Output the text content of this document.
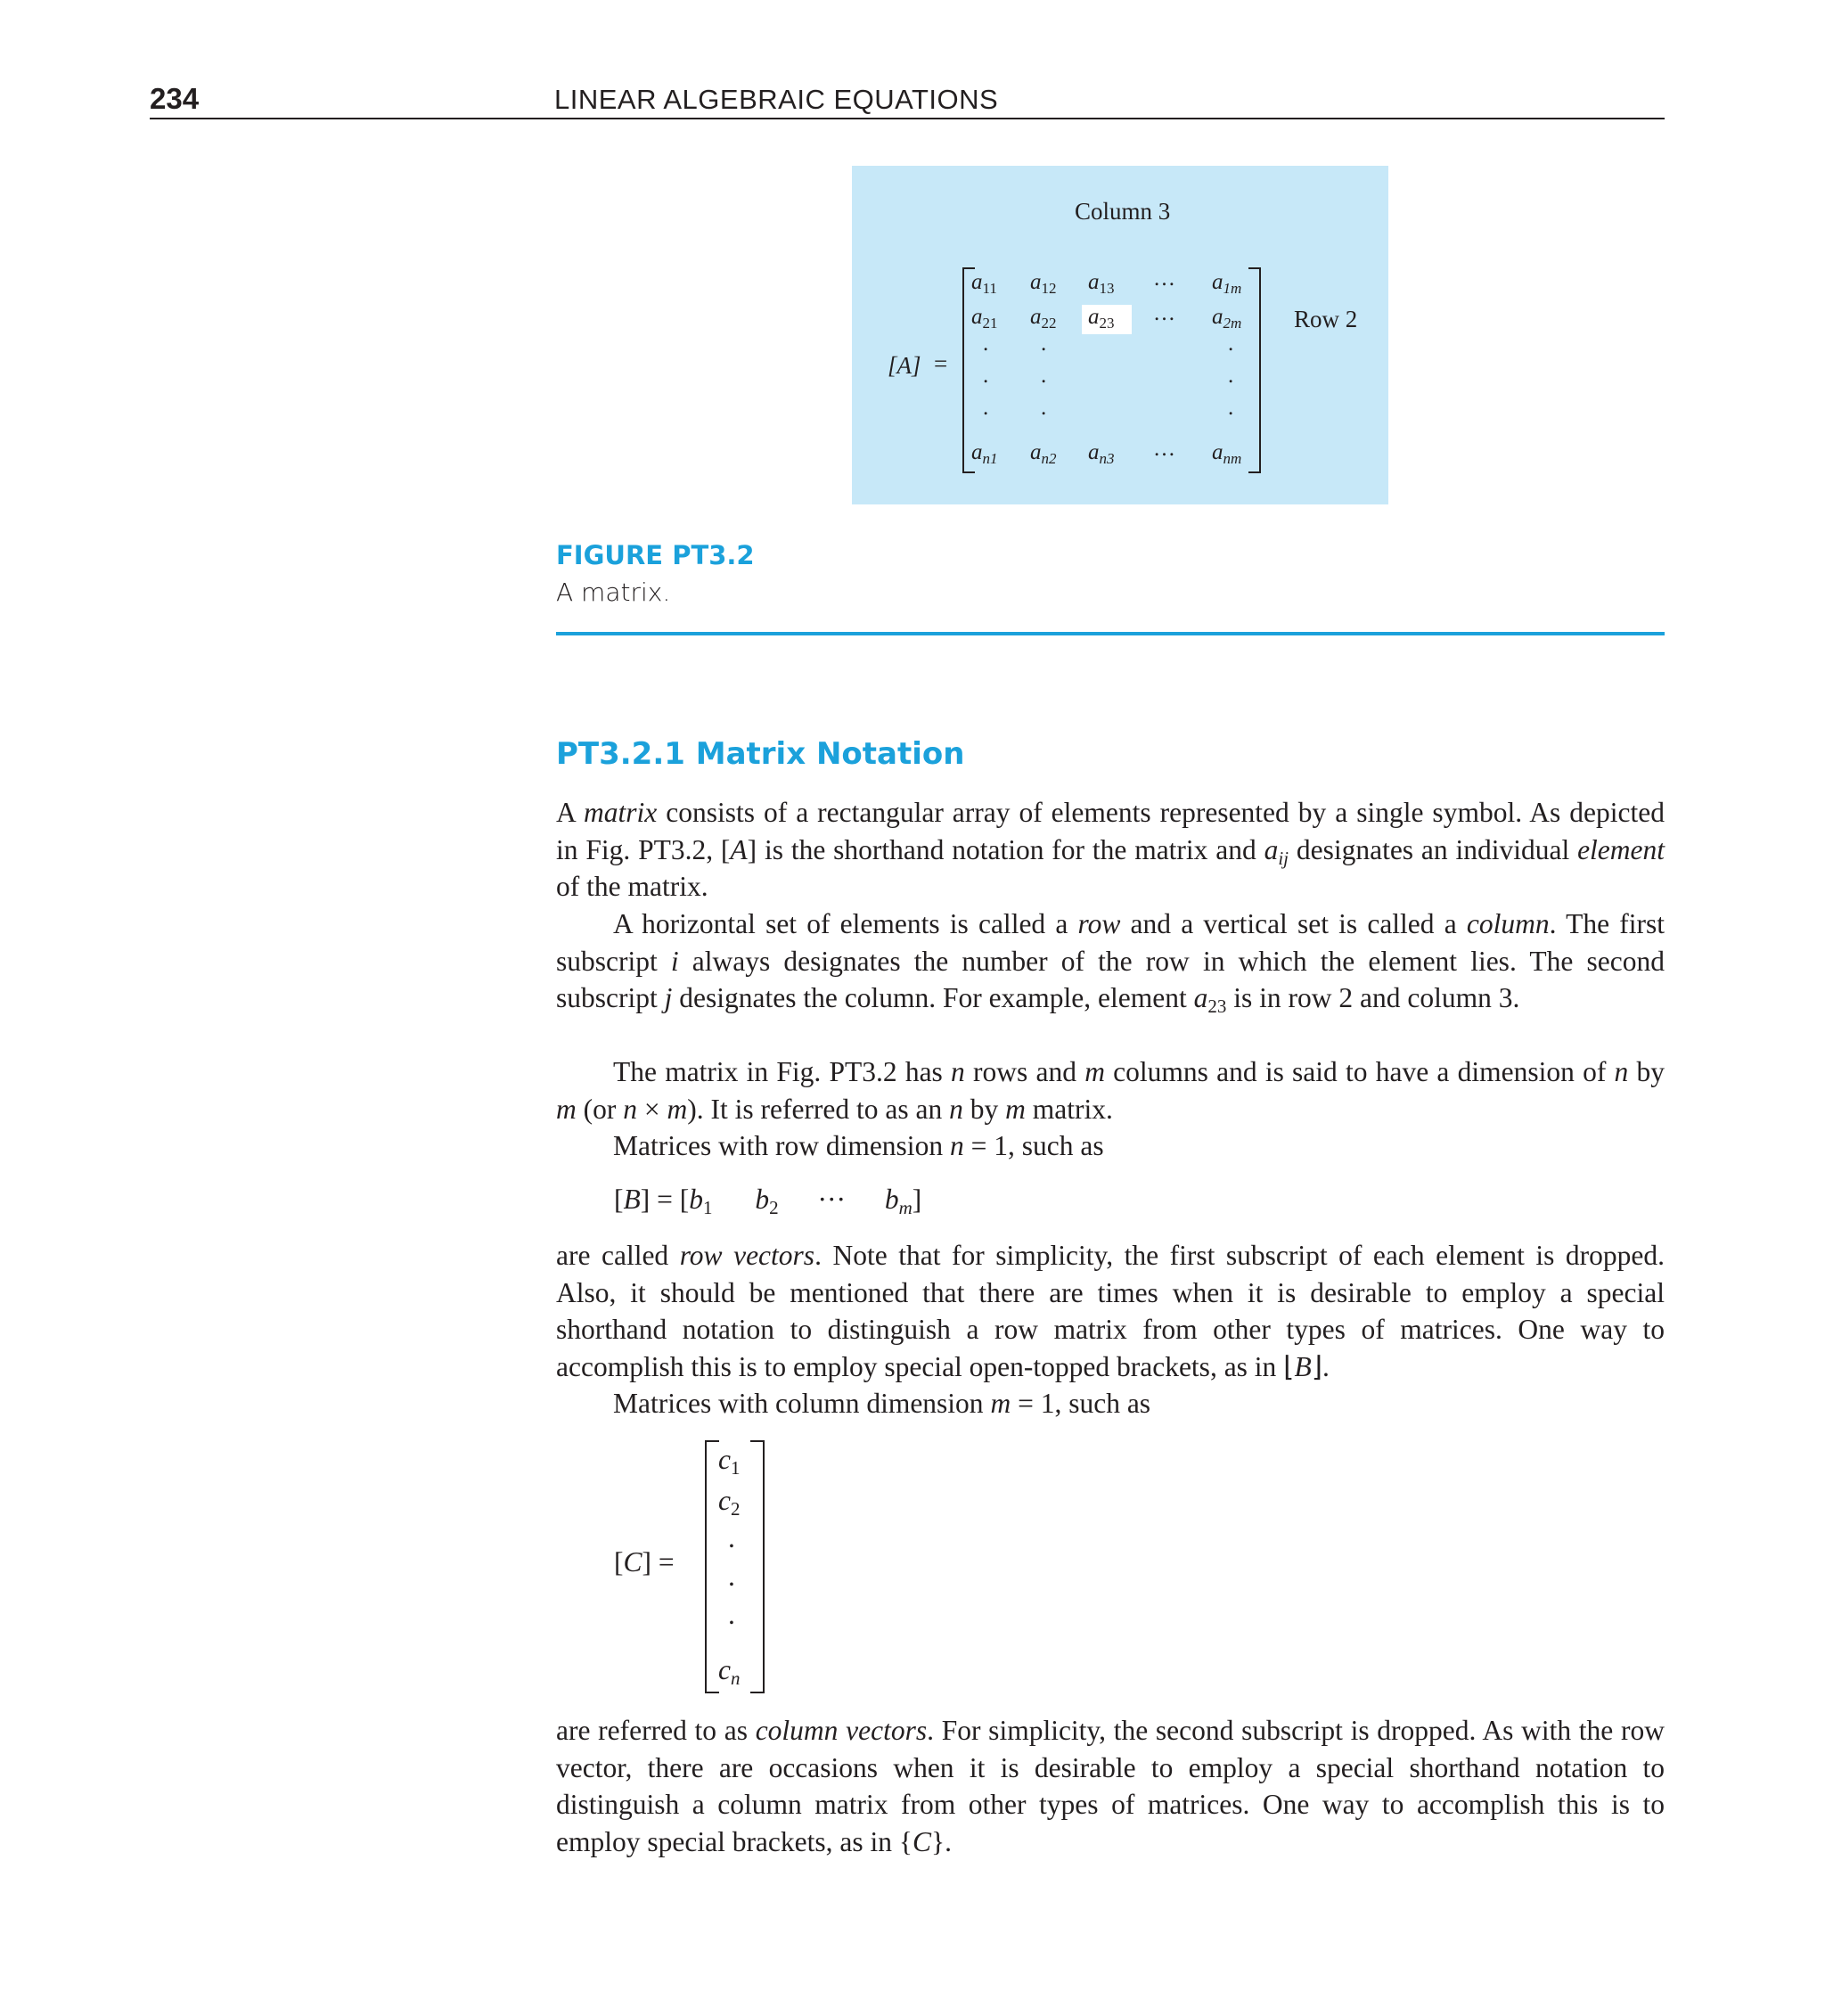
234	LINEAR ALGEBRAIC EQUATIONS
Column 3
Row 2
[A] =
$a_{11}$ $a_{12}$ $a_{13}$ … $a_{1m}$
$a_{21}$ $a_{22}$ $a_{23}$ … $a_{2m}$
. .	.
. .	.
. .	.
$a_{n1}$ $a_{n2}$ $a_{n3}$ … $a_{nm}$
FIGURE PT3.2
A matrix.
PT3.2.1 Matrix Notation
A matrix consists of a rectangular array of elements represented by a single symbol. As depicted in Fig. PT3.2, [A] is the shorthand notation for the matrix and $a_{ij}$ designates an individual element of the matrix.
A horizontal set of elements is called a row and a vertical set is called a column. The first subscript i always designates the number of the row in which the element lies. The second subscript j designates the column. For example, element $a_{23}$ is in row 2 and column 3.
The matrix in Fig. PT3.2 has n rows and m columns and is said to have a dimension of n by m (or n × m). It is referred to as an n by m matrix.
Matrices with row dimension n = 1, such as
$[B] = [b_1$ $b_2$ ··· $b_m$]
are called row vectors. Note that for simplicity, the first subscript of each element is dropped. Also, it should be mentioned that there are times when it is desirable to employ a special shorthand notation to distinguish a row matrix from other types of matrices. One way to accomplish this is to employ special open-topped brackets, as in ⌊B⌋.
Matrices with column dimension m = 1, such as
[C] =
$c_1$
$c_2$
.
.
.
$c_n$
are referred to as column vectors. For simplicity, the second subscript is dropped. As with the row vector, there are occasions when it is desirable to employ a special shorthand notation to distinguish a column matrix from other types of matrices. One way to accomplish this is to employ special brackets, as in {C}.
